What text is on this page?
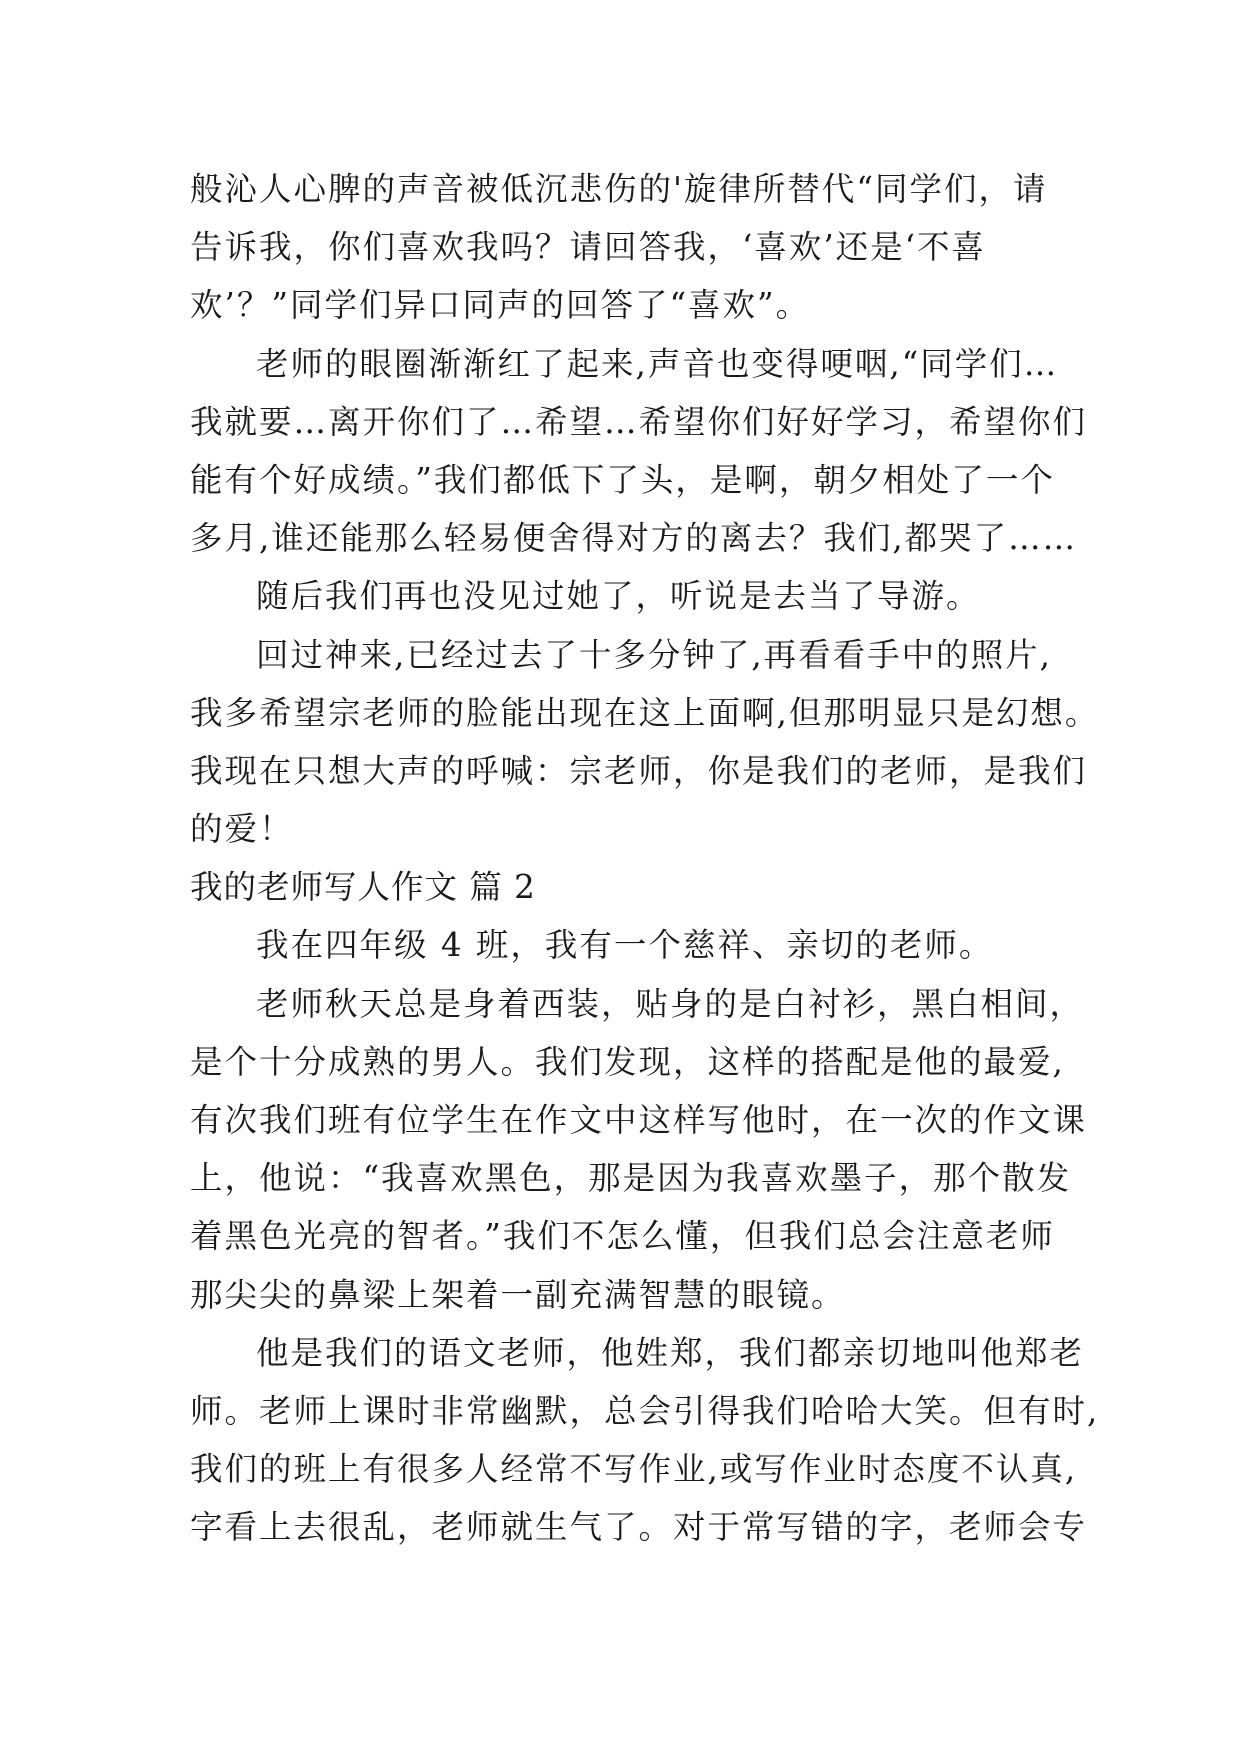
般沁人心脾的声音被低沉悲伤的'旋律所替代“同学们，请
告诉我，你们喜欢我吗？请回答我，‘喜欢’还是‘不喜
欢’？”同学们异口同声的回答了“喜欢”。
老师的眼圈渐渐红了起来,声音也变得哽咽,“同学们…
我就要…离开你们了…希望…希望你们好好学习，希望你们
能有个好成绩。”我们都低下了头，是啊，朝夕相处了一个
多月,谁还能那么轻易便舍得对方的离去？我们,都哭了……
随后我们再也没见过她了，听说是去当了导游。
回过神来,已经过去了十多分钟了,再看看手中的照片,
我多希望宗老师的脸能出现在这上面啊,但那明显只是幻想。
我现在只想大声的呼喊：宗老师，你是我们的老师，是我们
的爱！
我的老师写人作文 篇 2
我在四年级 4 班，我有一个慈祥、亲切的老师。
老师秋天总是身着西装，贴身的是白衬衫，黑白相间，
是个十分成熟的男人。我们发现，这样的搭配是他的最爱,
有次我们班有位学生在作文中这样写他时，在一次的作文课
上，他说：“我喜欢黑色，那是因为我喜欢墨子，那个散发
着黑色光亮的智者。”我们不怎么懂，但我们总会注意老师
那尖尖的鼻梁上架着一副充满智慧的眼镜。
他是我们的语文老师，他姓郑，我们都亲切地叫他郑老
师。老师上课时非常幽默，总会引得我们哈哈大笑。但有时,
我们的班上有很多人经常不写作业,或写作业时态度不认真,
字看上去很乱，老师就生气了。对于常写错的字，老师会专
